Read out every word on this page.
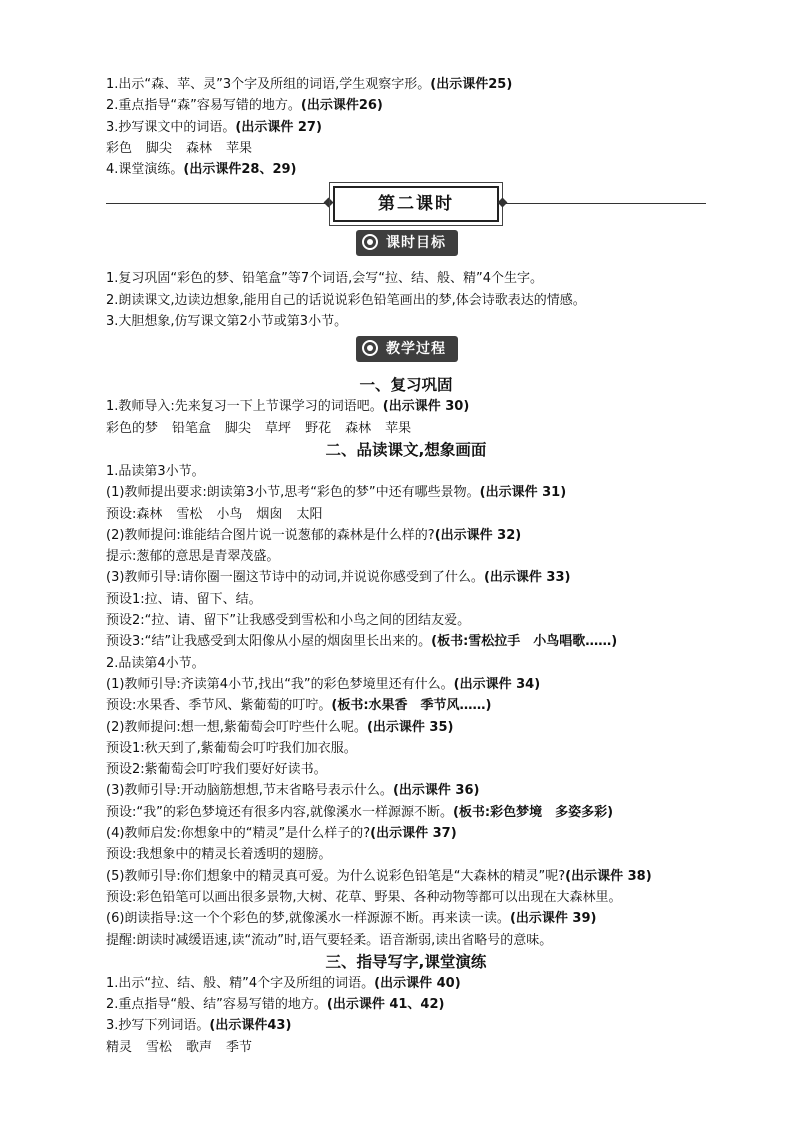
1.出示“森、苹、灵”3个字及所组的词语,学生观察字形。(出示课件25)
2.重点指导“森”容易写错的地方。(出示课件26)
3.抄写课文中的词语。(出示课件 27)
彩色 脚尖 森林 苹果
4.课堂演练。(出示课件28、29)
第二课时
课时目标
1.复习巩固“彩色的梦、铅笔盒”等7个词语,会写“拉、结、般、精”4个生字。
2.朗读课文,边读边想象,能用自己的话说说彩色铅笔画出的梦,体会诗歌表达的情感。
3.大胆想象,仿写课文第2小节或第3小节。
教学过程
一、复习巩固
1.教师导入:先来复习一下上节课学习的词语吧。(出示课件 30)
彩色的梦 铅笔盒 脚尖 草坪 野花 森林 苹果
二、品读课文,想象画面
1.品读第3小节。
(1)教师提出要求:朗读第3小节,思考“彩色的梦”中还有哪些景物。(出示课件 31)
预设:森林 雪松 小鸟 烟囱 太阳
(2)教师提问:谁能结合图片说一说葱郁的森林是什么样的?(出示课件 32)
提示:葱郁的意思是青翠茂盛。
(3)教师引导:请你圈一圈这节诗中的动词,并说说你感受到了什么。(出示课件 33)
预设1:拉、请、留下、结。
预设2:“拉、请、留下”让我感受到雪松和小鸟之间的团结友爱。
预设3:“结”让我感受到太阳像从小屋的烟囱里长出来的。(板书:雪松拉手　小鸟唱歌……)
2.品读第4小节。
(1)教师引导:齐读第4小节,找出“我”的彩色梦境里还有什么。(出示课件 34)
预设:水果香、季节风、紫葡萄的叮咛。(板书:水果香　季节风……)
(2)教师提问:想一想,紫葡萄会叮咛些什么呢。(出示课件 35)
预设1:秋天到了,紫葡萄会叮咛我们加衣服。
预设2:紫葡萄会叮咛我们要好好读书。
(3)教师引导:开动脑筋想想,节末省略号表示什么。(出示课件 36)
预设:“我”的彩色梦境还有很多内容,就像溪水一样源源不断。(板书:彩色梦境　多姿多彩)
(4)教师启发:你想象中的“精灵”是什么样子的?(出示课件 37)
预设:我想象中的精灵长着透明的翅膀。
(5)教师引导:你们想象中的精灵真可爱。为什么说彩色铅笔是“大森林的精灵”呢?(出示课件 38)
预设:彩色铅笔可以画出很多景物,大树、花草、野果、各种动物等都可以出现在大森林里。
(6)朗读指导:这一个个彩色的梦,就像溪水一样源源不断。再来读一读。(出示课件 39)
提醒:朗读时减缓语速,读“流动”时,语气要轻柔。语音渐弱,读出省略号的意味。
三、指导写字,课堂演练
1.出示“拉、结、般、精”4个字及所组的词语。(出示课件 40)
2.重点指导“般、结”容易写错的地方。(出示课件 41、42)
3.抄写下列词语。(出示课件43)
精灵 雪松 歌声 季节
